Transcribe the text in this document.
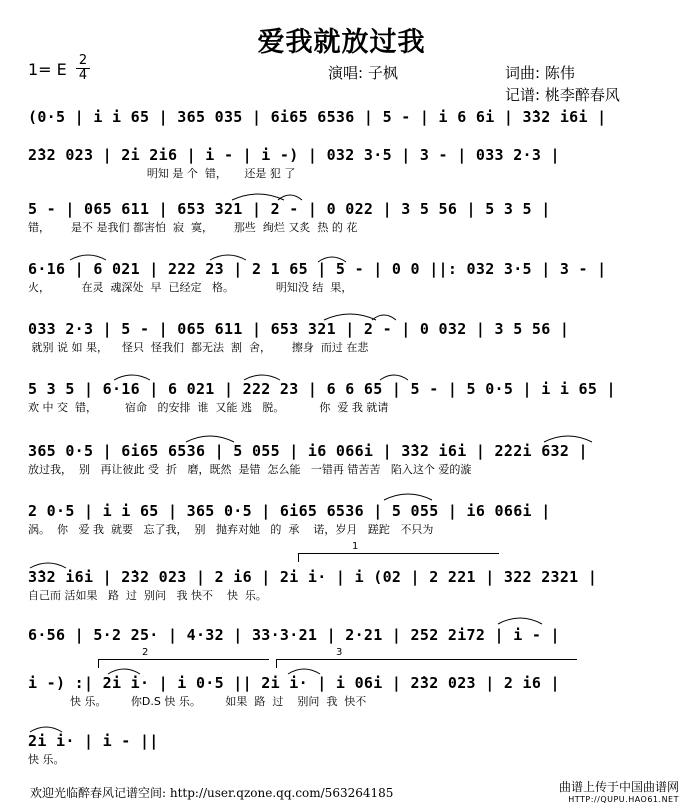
爱我就放过我
1= E 2
4	演唱: 子枫	词曲: 陈伟
记谱: 桃李醉春风
(0·5 | i i 65 | 365 035 | 6i65 6536 | 5 - | i 6 6i | 3̇32 i6i |
2̇32 023 | 2i 2i6 | i - | i -) | 032 3·5 | 3 - | 033 2·3 |
明知 是 个  错，     还是 犯 了
5 - | 065 611 | 653 321 | 2 - | 0 022 | 3 5 56 | 5 3 5 |
错，      是不 是我们 都害怕  寂  寞，      那些  绚烂 又炙  热 的 花
6·16 | 6 021 | 222 23 | 2 1 65 | 5 - | 0 0 ||: 032 3·5 | 3 - |
火，         在灵  魂深处  早  已经定   格。            明知没 结  果，
033 2·3 | 5 - | 065 611 | 653 321 | 2 - | 0 032 | 3 5 56 |
就别 说 如 果，    怪只  怪我们  都无法  割  舍，      擦身  而过 在悲
5 3 5 | 6·16 | 6 021 | 222 23 | 6 6 65 | 5 - | 5 0·5 | i i 65 |
欢 中 交  错，        宿命   的安排  谁  又能 逃   脱。          你  爱 我 就请
365 0·5 | 6i65 6536 | 5 055 | i6 066i | 3̇32 i6i | 2̇22i 632 |
放过我，  别   再让彼此 受  折   磨，既然  是错  怎么能   一错再 错苦苦   陷入这个 爱的漩
2 0·5 | i i 65 | 365 0·5 | 6i65 6536 | 5 055 | i6 066i |
涡。  你   爱 我  就要   忘了我，  别   抛弃对她   的  承    诺，岁月   蹉跎   不只为
3̇32 i6i | 2̇32 023 | 2 i6 | 2i i· | i (02 | 2 221 | 322 2321 |
自己而 活如果   路  过  别问   我 快不    快  乐。
6·56 | 5·2 25· | 4·32 | 33·3·21 | 2·21 | 252 2i72 | i - |
i -) :| 2i i· | i 0·5 || 2i i· | i 06i | 2̇32 023 | 2 i6 |
快 乐。       你D.S 快 乐。       如果  路  过    别问  我  快不
2i i· | i - ||
快 乐。
1
2	3
欢迎光临醉春风记谱空间: http://user.qzone.qq.com/563264185	曲谱上传于中国曲谱网
HTTP://QUPU.HAO61.NET
